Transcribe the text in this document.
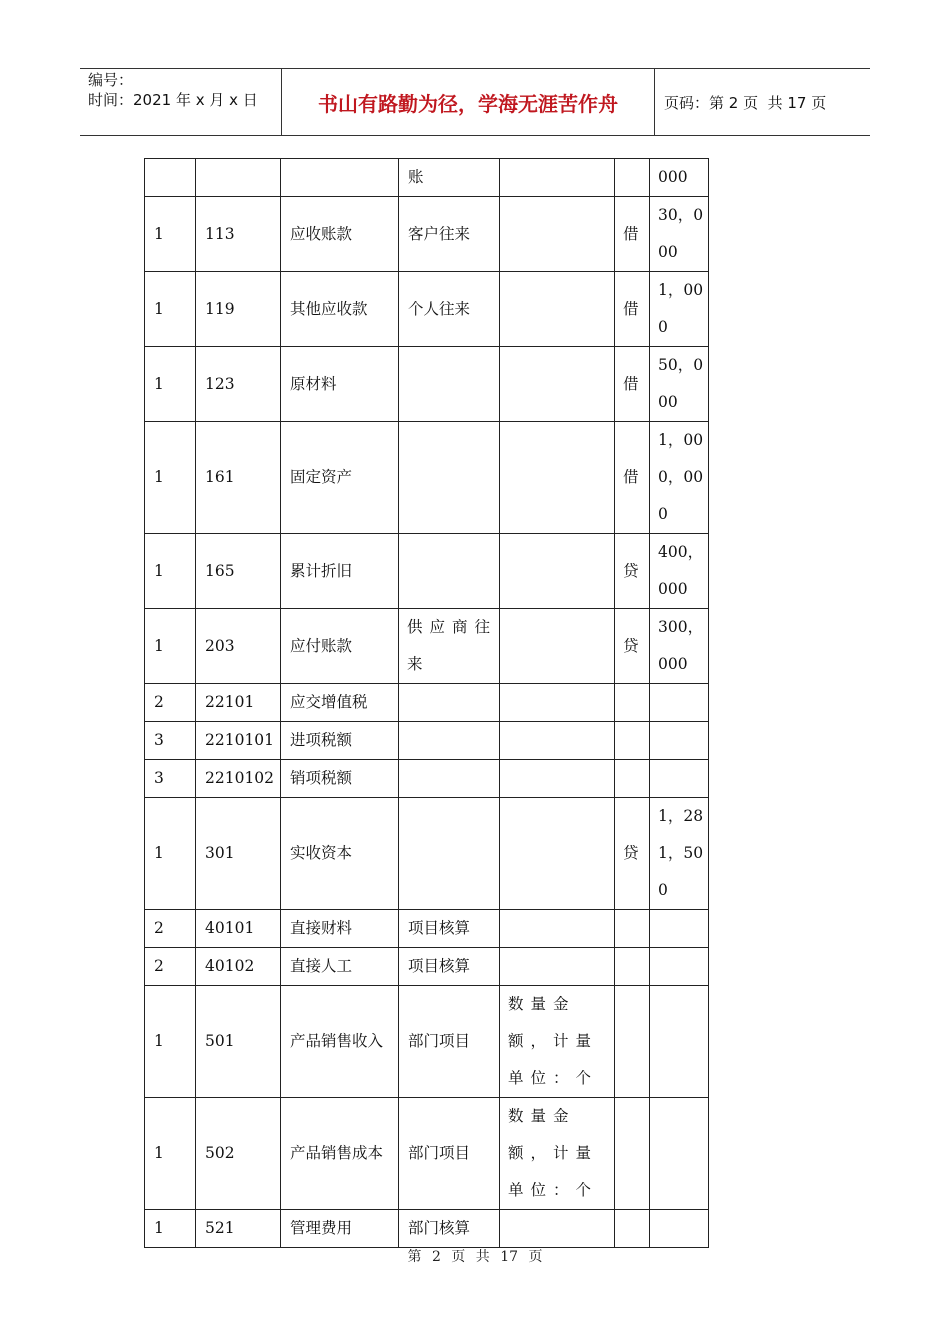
编号：
时间：2021 年 x 月 x 日	书山有路勤为径，学海无涯苦作舟	页码：第 2 页  共 17 页
			账			000
1	113	应收账款	客户往来		借	30，000
1	119	其他应收款	个人往来		借	1，000
1	123	原材料			借	50，000
1	161	固定资产			借	1，000，000
1	165	累计折旧			贷	400，000
1	203	应付账款	供应商往来		贷	300，000
2	22101	应交增值税				
3	2210101	进项税额				
3	2210102	销项税额				
1	301	实收资本			贷	1，281，500
2	40101	直接财料	项目核算			
2	40102	直接人工	项目核算			
1	501	产品销售收入	部门项目	数量金额，计量单位：个		
1	502	产品销售成本	部门项目	数量金额，计量单位：个		
1	521	管理费用	部门核算			
第 2 页 共 17 页
